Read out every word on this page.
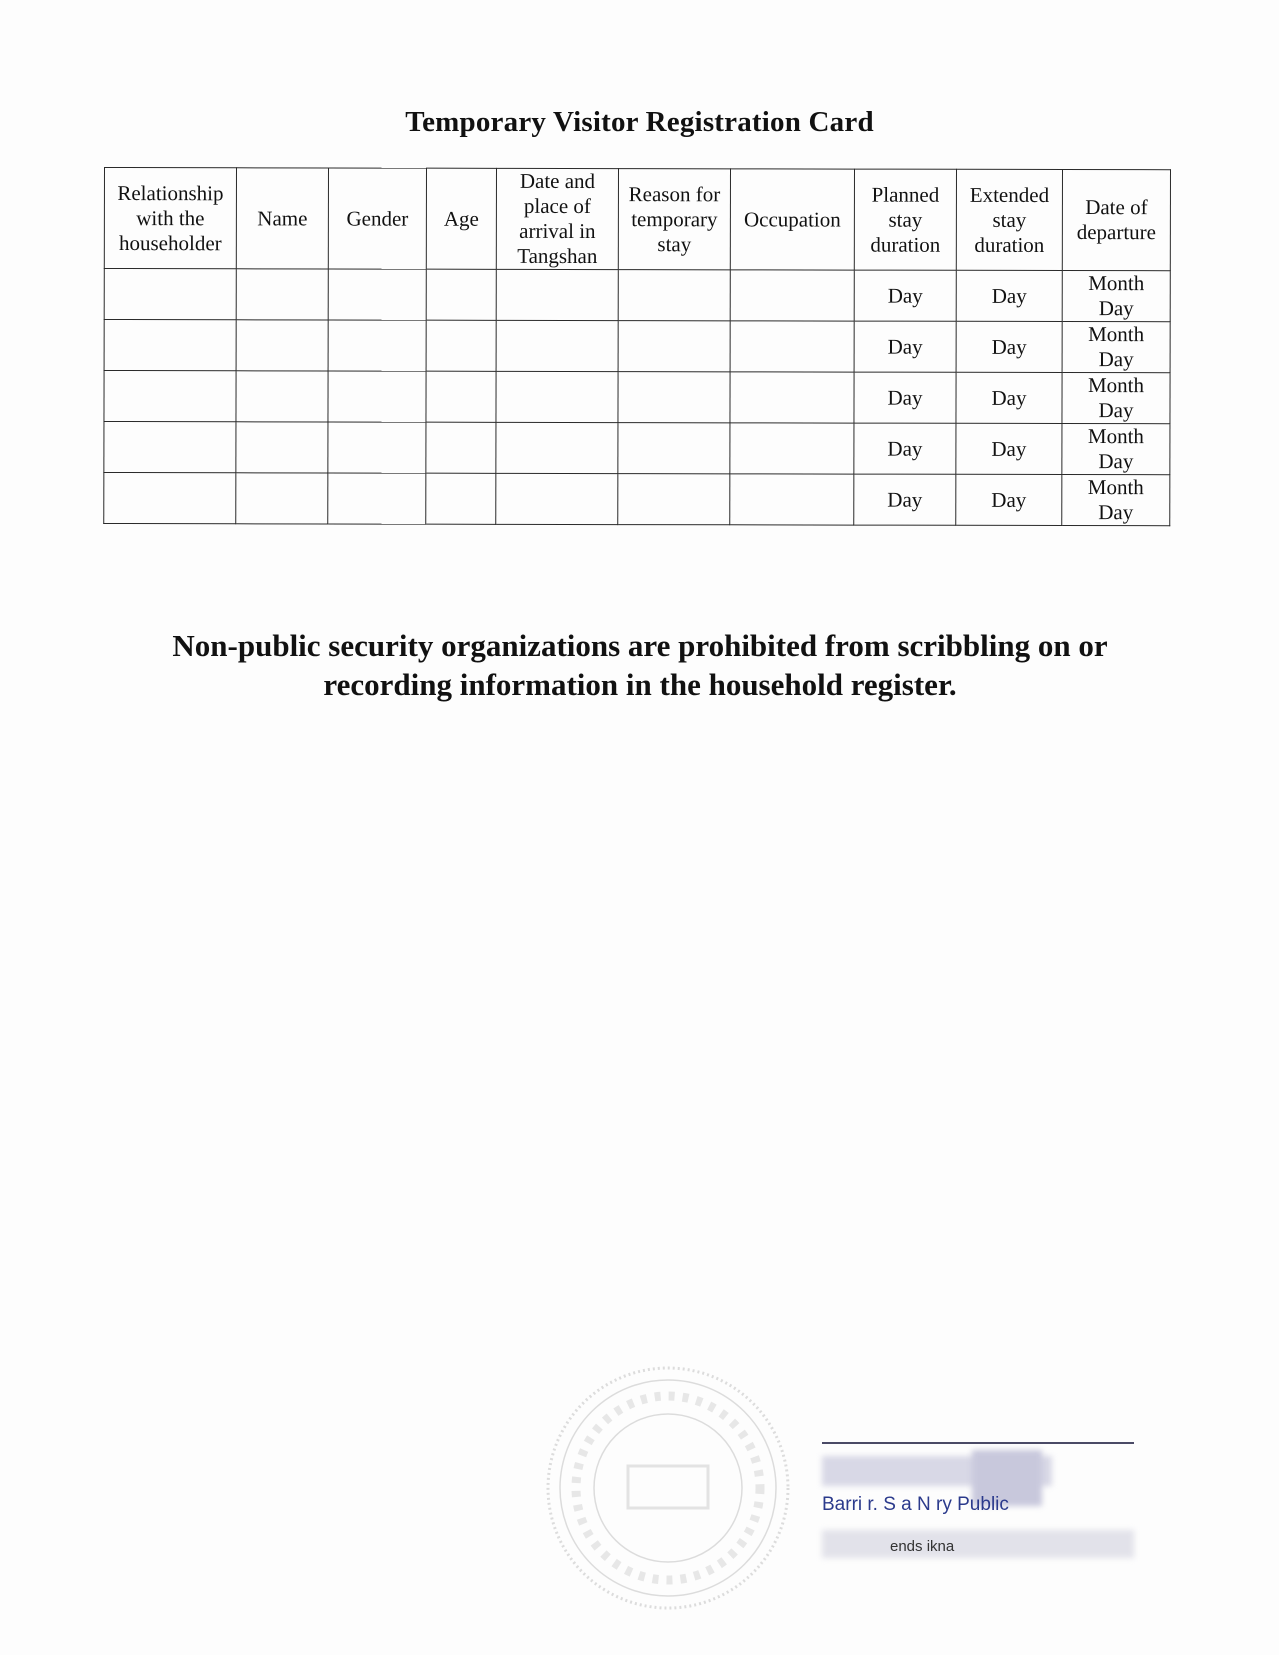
Temporary Visitor Registration Card
Relationship with the householder	Name	Gender	Age	Date and place of arrival in Tangshan	Reason for temporary stay	Occupation	Planned stay duration	Extended stay duration	Date of departure
							Day	Day	Month
Day

							Day	Day	Month
Day

							Day	Day	Month
Day

							Day	Day	Month
Day

							Day	Day	Month
Day

Non-public security organizations are prohibited from scribbling on or recording information in the household register.

Barri r. S a N ry Public
ends ikna
